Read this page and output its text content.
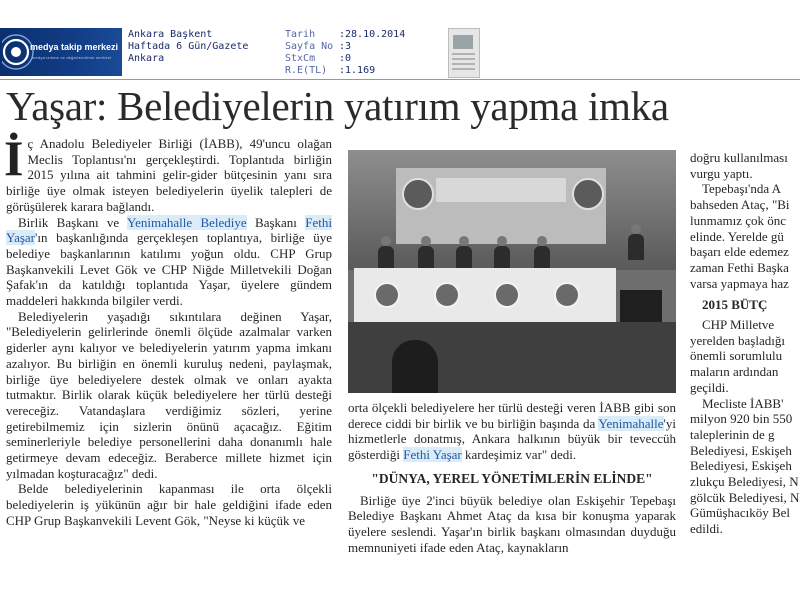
medya takip merkezi
medya izleme ve değerlendirme merkezi
Ankara Başkent
Haftada 6 Gün/Gazete
Ankara
Tarih	:28.10.2014
Sayfa No :3
StxCm	:0
R.E(TL)	:1.169
Yaşar: Belediyelerin yatırım yapma imka

İç Anadolu Belediyeler Birliği (İABB), 49'uncu olağan Meclis Toplantısı'nı gerçekleştirdi. Toplantıda birliğin 2015 yılına ait tahmini gelir-gider bütçesinin yanı sıra birliğe üye olmak isteyen belediyelerin üyelik talepleri de görüşülerek karara bağlandı.

Birlik Başkanı ve Yenimahalle Belediye Başkanı Fethi Yaşar'ın başkanlığında gerçekleşen toplantıya, birliğe üye belediye başkanlarının katılımı yoğun oldu. CHP Grup Başkanvekili Levet Gök ve CHP Niğde Milletvekili Doğan Şafak'ın da katıldığı toplantıda Yaşar, üyelere gündem maddeleri hakkında bilgiler verdi.

Belediyelerin yaşadığı sıkıntılara değinen Yaşar, "Belediyelerin gelirlerinde önemli ölçüde azalmalar varken giderler aynı kalıyor ve belediyelerin yatırım yapma imkanı azalıyor. Bu birliğin en önemli kuruluş nedeni, paylaşmak, birliğe üye belediyelere destek olmak ve onları ayakta tutmaktır. Birlik olarak küçük belediyelere her türlü desteği vereceğiz. Vatandaşlara verdiğimiz sözleri, yerine getirebilmemiz için sizlerin önünü açacağız. Eğitim seminerleriyle belediye personellerini daha donanımlı hale getirmeye devam edeceğiz. Beraberce millete hizmet için yılmadan koşturacağız" dedi.

Belde belediyelerinin kapanması ile orta ölçekli belediyelerin iş yükünün ağır bir hale geldiğini ifade eden CHP Grup Başkanvekili Levent Gök, "Neyse ki küçük ve

orta ölçekli belediyelere her türlü desteği veren İABB gibi son derece ciddi bir birlik ve bu birliğin başında da Yenimahalle'yi hizmetlerle donatmış, Ankara halkının büyük bir teveccüh gösterdiği Fethi Yaşar kardeşimiz var" dedi.

"DÜNYA, YEREL YÖNETİMLERİN ELİNDE"

Birliğe üye 2'inci büyük belediye olan Eskişehir Tepebaşı Belediye Başkanı Ahmet Ataç da kısa bir konuşma yaparak üyelere seslendi. Yaşar'ın birlik başkanı olmasından duyduğu memnuniyeti ifade eden Ataç, kaynakların

doğru kullanılması

vurgu yaptı.

Tepebaşı'nda A

bahseden Ataç, "Bi

lunmamız çok önc

elinde. Yerelde gü

başarı elde edemez

zaman Fethi Başka

varsa yapmaya haz

2015 BÜTÇ

CHP Milletve

yerelden başladığı

önemli sorumlulu

maların ardından

geçildi.

Mecliste İABB'

milyon 920 bin 550

taleplerinin de g

Belediyesi, Eskişeh

Belediyesi, Eskişeh

zlukçu Belediyesi, N

gölcük Belediyesi, N

Gümüşhacıköy Bel

edildi.
